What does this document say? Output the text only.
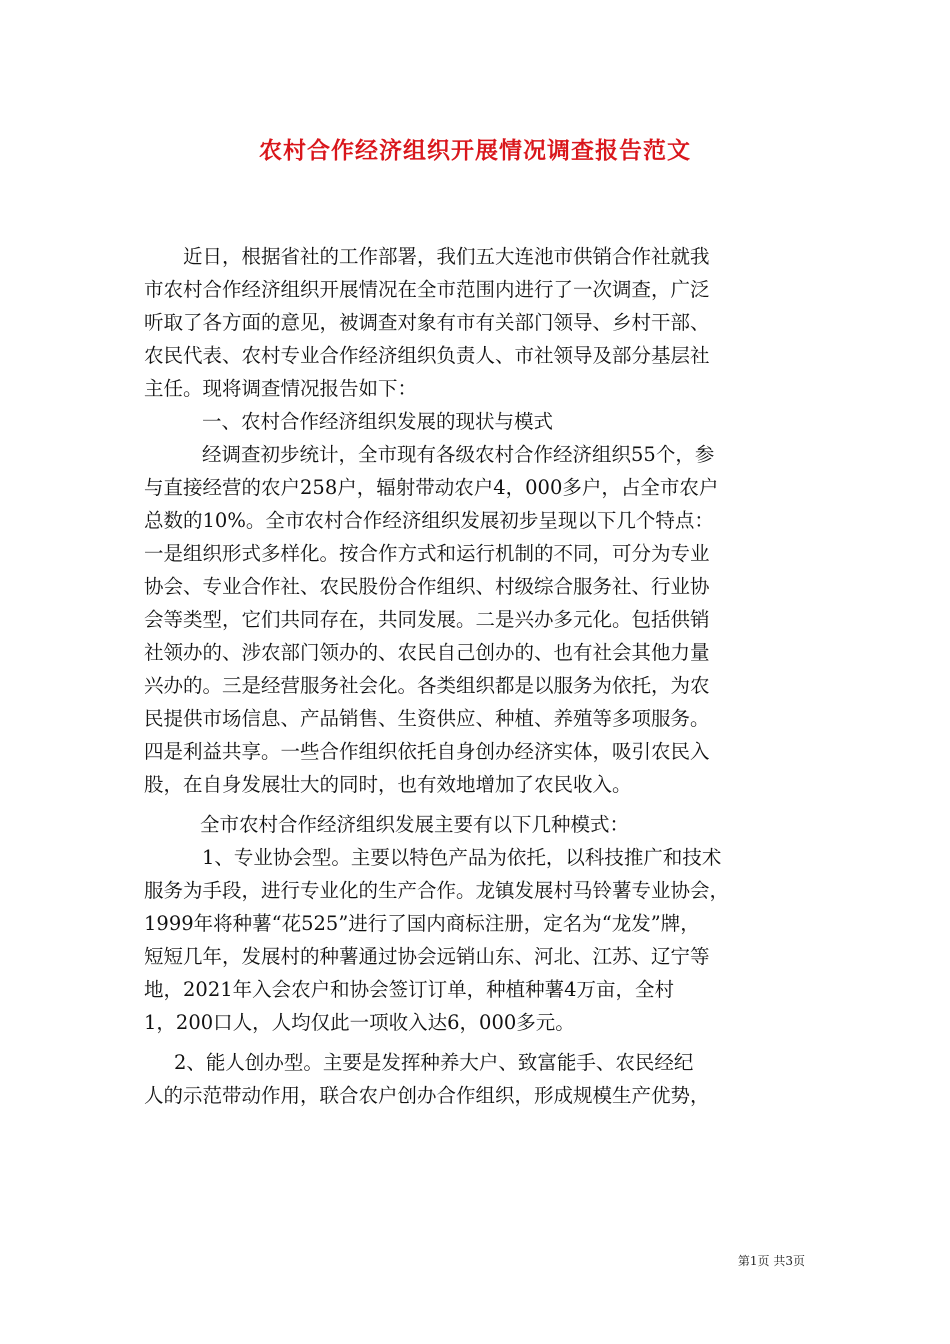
农村合作经济组织开展情况调查报告范文
近日，根据省社的工作部署，我们五大连池市供销合作社就我
市农村合作经济组织开展情况在全市范围内进行了一次调查，广泛
听取了各方面的意见，被调查对象有市有关部门领导、乡村干部、
农民代表、农村专业合作经济组织负责人、市社领导及部分基层社
主任。现将调查情况报告如下：
一、农村合作经济组织发展的现状与模式
经调查初步统计，全市现有各级农村合作经济组织55个，参
与直接经营的农户258户，辐射带动农户4，000多户，占全市农户
总数的10%。全市农村合作经济组织发展初步呈现以下几个特点：
一是组织形式多样化。按合作方式和运行机制的不同，可分为专业
协会、专业合作社、农民股份合作组织、村级综合服务社、行业协
会等类型，它们共同存在，共同发展。二是兴办多元化。包括供销
社领办的、涉农部门领办的、农民自己创办的、也有社会其他力量
兴办的。三是经营服务社会化。各类组织都是以服务为依托，为农
民提供市场信息、产品销售、生资供应、种植、养殖等多项服务。
四是利益共享。一些合作组织依托自身创办经济实体，吸引农民入
股，在自身发展壮大的同时，也有效地增加了农民收入。
全市农村合作经济组织发展主要有以下几种模式：
1、专业协会型。主要以特色产品为依托，以科技推广和技术
服务为手段，进行专业化的生产合作。龙镇发展村马铃薯专业协会，
1999年将种薯“花525”进行了国内商标注册，定名为“龙发”牌，
短短几年，发展村的种薯通过协会远销山东、河北、江苏、辽宁等
地，2021年入会农户和协会签订订单，种植种薯4万亩，全村
1，200口人，人均仅此一项收入达6，000多元。
2、能人创办型。主要是发挥种养大户、致富能手、农民经纪
人的示范带动作用，联合农户创办合作组织，形成规模生产优势，
第1页 共3页
